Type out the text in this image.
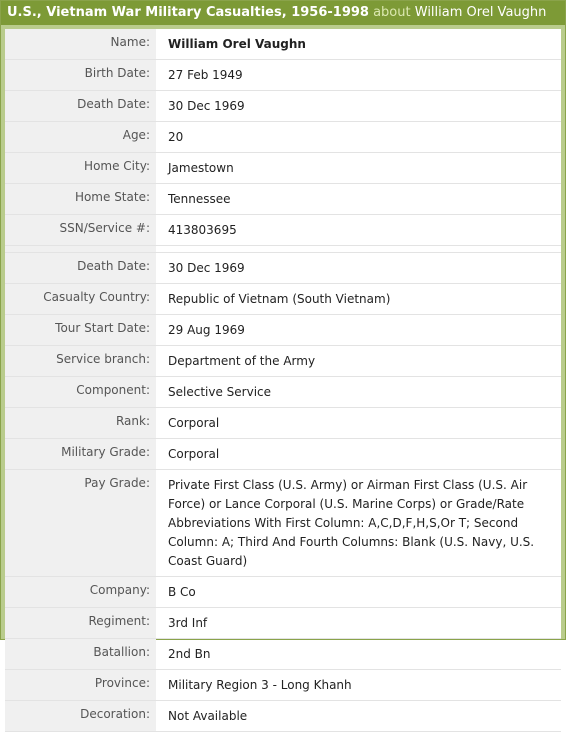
U.S., Vietnam War Military Casualties, 1956-1998 about William Orel Vaughn
Name:	William Orel Vaughn
Birth Date:	27 Feb 1949
Death Date:	30 Dec 1969
Age:	20
Home City:	Jamestown
Home State:	Tennessee
SSN/Service #:	413803695

Death Date:	30 Dec 1969
Casualty Country:	Republic of Vietnam (South Vietnam)
Tour Start Date:	29 Aug 1969
Service branch:	Department of the Army
Component:	Selective Service
Rank:	Corporal
Military Grade:	Corporal
Pay Grade:	Private First Class (U.S. Army) or Airman First Class (U.S. Air Force) or Lance Corporal (U.S. Marine Corps) or Grade/Rate Abbreviations With First Column: A,C,D,F,H,S,Or T; Second Column: A; Third And Fourth Columns: Blank (U.S. Navy, U.S. Coast Guard)
Company:	B Co
Regiment:	3rd Inf
Batallion:	2nd Bn
Province:	Military Region 3 - Long Khanh
Decoration:	Not Available
